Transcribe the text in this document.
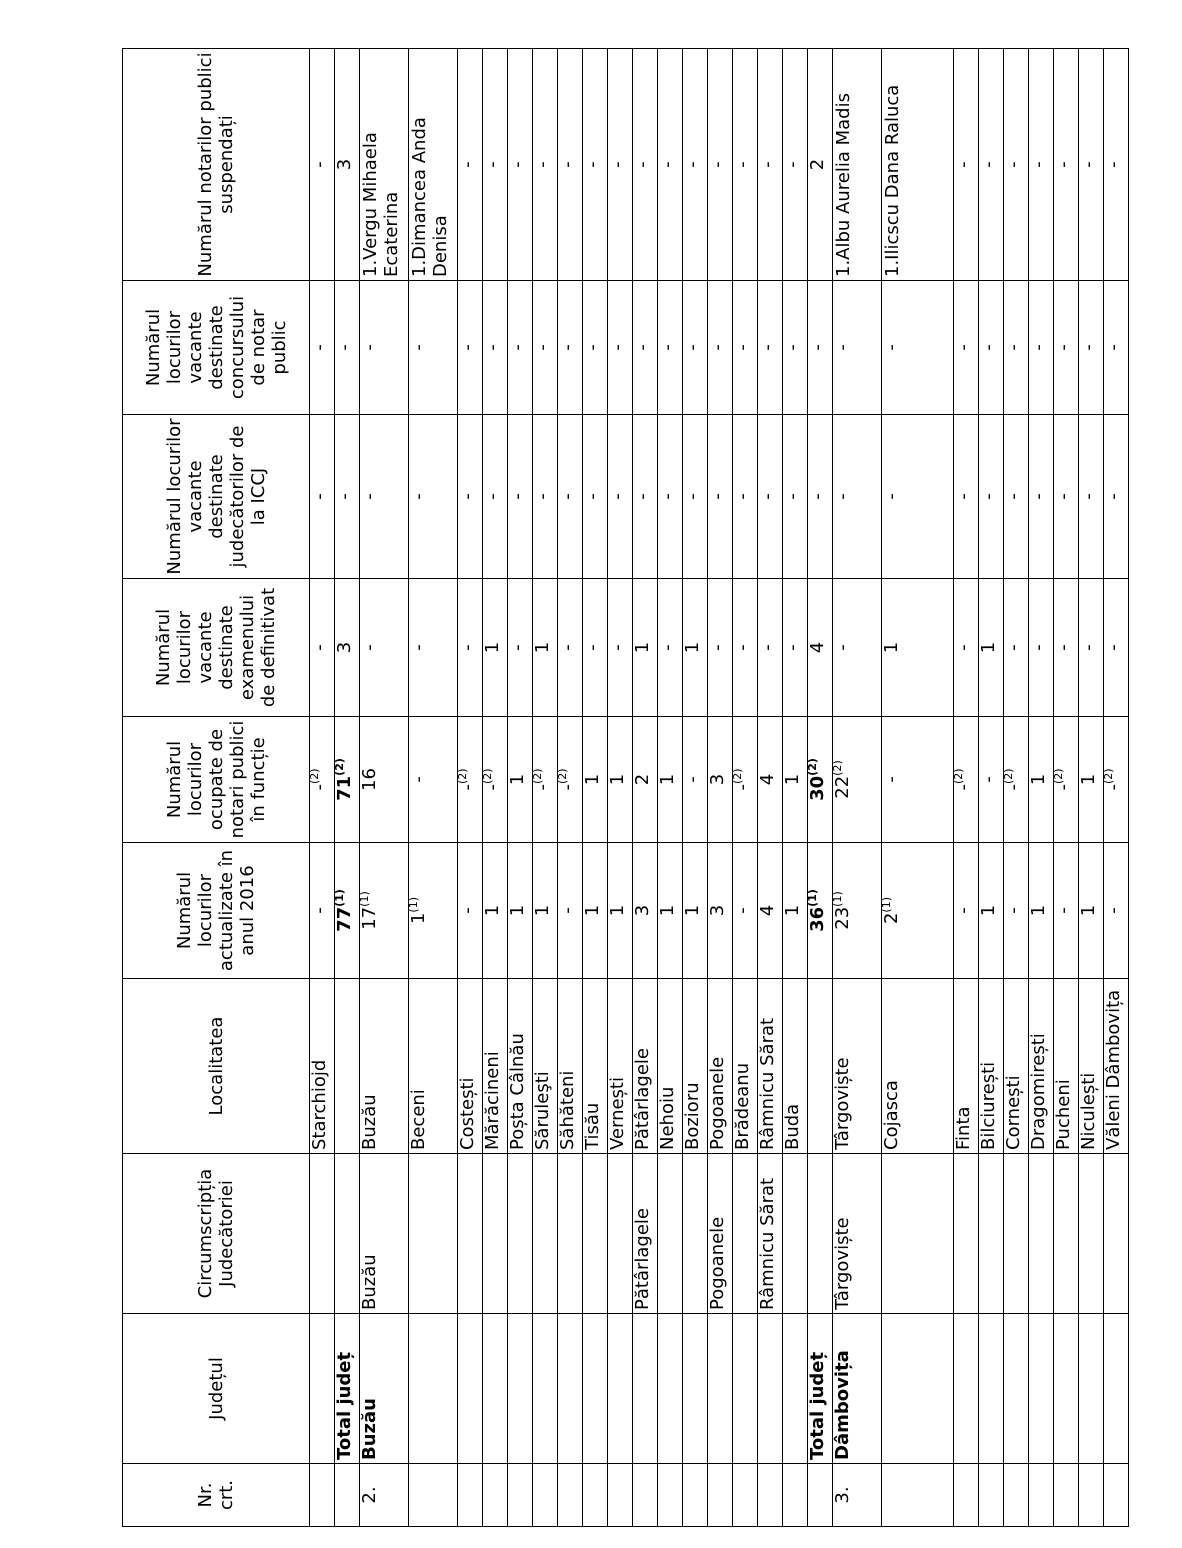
Nr. crt.	Județul	Circumscripția Judecătoriei	Localitatea	Numărul locurilor actualizate în anul 2016	Numărul locurilor ocupate de notari publici în funcție	Numărul locurilor vacante destinate examenului de definitivat	Numărul locurilor vacante destinate judecătorilor de la ICCJ	Numărul locurilor vacante destinate concursului de notar public	Numărul notarilor publici suspendați
			Starchiojd	-	-$^{(2)}$	-	-	-	-
	Total județ			77$^{(1)}$	71$^{(2)}$	3	-	-	3
2.	Buzău	Buzău	Buzău	17$^{(1)}$	16	-	-	-	1.Vergu Mihaela Ecaterina
			Beceni	1$^{(1)}$	-	-	-	-	1.Dimancea Anda Denisa
			Costești	-	-$^{(2)}$	-	-	-	-
			Mărăcineni	1	-$^{(2)}$	1	-	-	-
			Poșta Câlnău	1	1	-	-	-	-
			Săruleşti	1	-$^{(2)}$	1	-	-	-
			Săhăteni	-	-$^{(2)}$	-	-	-	-
			Tisău	1	1	-	-	-	-
			Vernești	1	1	-	-	-	-
		Pătârlagele	Pătârlagele	3	2	1	-	-	-
			Nehoiu	1	1	-	-	-	-
			Bozioru	1	-	1	-	-	-
		Pogoanele	Pogoanele	3	3	-	-	-	-
			Brădeanu	-	-$^{(2)}$	-	-	-	-
		Râmnicu Sărat	Râmnicu Sărat	4	4	-	-	-	-
			Buda	1	1	-	-	-	-
	Total județ			36$^{(1)}$	30$^{(2)}$	4	-	-	2
3.	Dâmbovița	Târgoviște	Târgoviște	23$^{(1)}$	22$^{(2)}$	-	-	-	1.Albu Aurelia Madis
			Cojasca	2$^{(1)}$	-	1	-	-	1.Ilicscu Dana Raluca
			Finta	-	-$^{(2)}$	-	-	-	-
			Bilciurești	1	-	1	-	-	-
			Cornești	-	-$^{(2)}$	-	-	-	-
			Dragomirești	1	1	-	-	-	-
			Pucheni	-	-$^{(2)}$	-	-	-	-
			Niculești	1	1	-	-	-	-
			Văleni Dâmbovița	-	-$^{(2)}$	-	-	-	-
